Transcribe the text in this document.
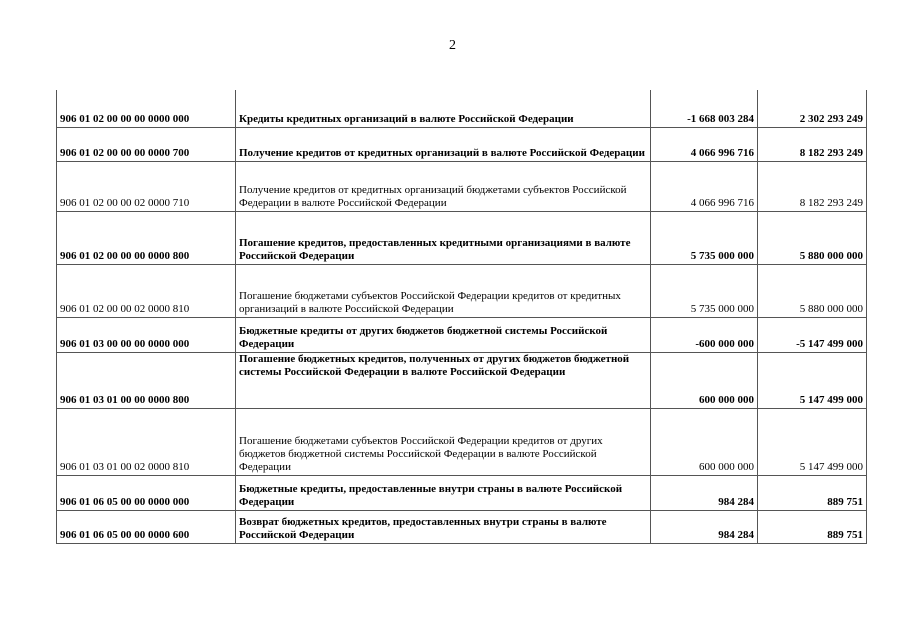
2
906 01 02 00 00 00 0000 000	Кредиты кредитных организаций в валюте Российской Федерации	-1 668 003 284	2 302 293 249
906 01 02 00 00 00 0000 700	Получение кредитов от кредитных организаций в валюте Российской Федерации	4 066 996 716	8 182 293 249
906 01 02 00 00 02 0000 710	Получение кредитов от кредитных организаций бюджетами субъектов Российской Федерации в валюте Российской Федерации	4 066 996 716	8 182 293 249
906 01 02 00 00 00 0000 800	Погашение кредитов, предоставленных кредитными организациями в валюте Российской Федерации	5 735 000 000	5 880 000 000
906 01 02 00 00 02 0000 810	Погашение бюджетами субъектов Российской Федерации кредитов от кредитных организаций в валюте Российской Федерации	5 735 000 000	5 880 000 000
906 01 03 00 00 00 0000 000	Бюджетные кредиты от других бюджетов бюджетной системы Российской Федерации	-600 000 000	-5 147 499 000
906 01 03 01 00 00 0000 800	Погашение бюджетных кредитов, полученных от других бюджетов бюджетной системы Российской Федерации в валюте Российской Федерации	600 000 000	5 147 499 000
906 01 03 01 00 02 0000 810	Погашение бюджетами субъектов Российской Федерации кредитов от других бюджетов бюджетной системы Российской Федерации в валюте Российской Федерации	600 000 000	5 147 499 000
906 01 06 05 00 00 0000 000	Бюджетные кредиты, предоставленные внутри страны в валюте Российской Федерации	984 284	889 751
906 01 06 05 00 00 0000 600	Возврат бюджетных кредитов, предоставленных внутри страны в валюте Российской Федерации	984 284	889 751
